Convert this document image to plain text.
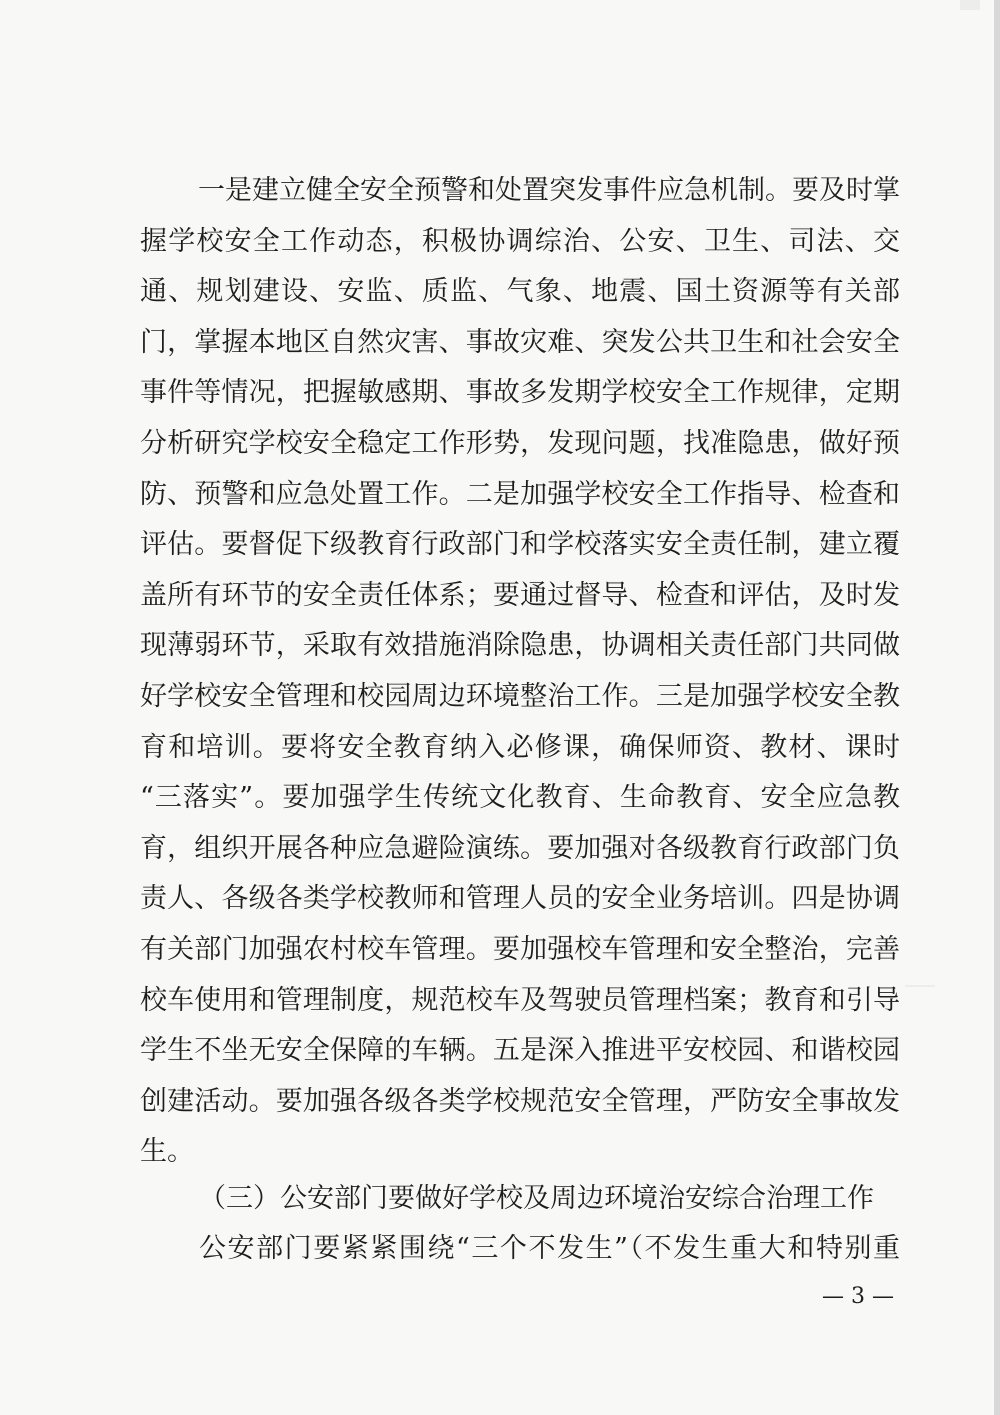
一是建立健全安全预警和处置突发事件应急机制。要及时掌
握学校安全工作动态，积极协调综治、公安、卫生、司法、交
通、规划建设、安监、质监、气象、地震、国土资源等有关部
门，掌握本地区自然灾害、事故灾难、突发公共卫生和社会安全
事件等情况，把握敏感期、事故多发期学校安全工作规律，定期
分析研究学校安全稳定工作形势，发现问题，找准隐患，做好预
防、预警和应急处置工作。二是加强学校安全工作指导、检查和
评估。要督促下级教育行政部门和学校落实安全责任制，建立覆
盖所有环节的安全责任体系；要通过督导、检查和评估，及时发
现薄弱环节，采取有效措施消除隐患，协调相关责任部门共同做
好学校安全管理和校园周边环境整治工作。三是加强学校安全教
育和培训。要将安全教育纳入必修课，确保师资、教材、课时
“三落实”。要加强学生传统文化教育、生命教育、安全应急教
育，组织开展各种应急避险演练。要加强对各级教育行政部门负
责人、各级各类学校教师和管理人员的安全业务培训。四是协调
有关部门加强农村校车管理。要加强校车管理和安全整治，完善
校车使用和管理制度，规范校车及驾驶员管理档案；教育和引导
学生不坐无安全保障的车辆。五是深入推进平安校园、和谐校园
创建活动。要加强各级各类学校规范安全管理，严防安全事故发
生。
（三）公安部门要做好学校及周边环境治安综合治理工作
公安部门要紧紧围绕“三个不发生”（不发生重大和特别重
— 3 —
